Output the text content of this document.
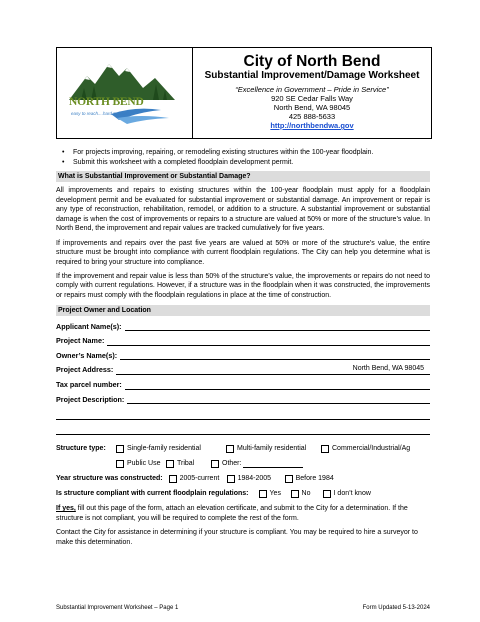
NORTH BEND
easy to reach....hard to leave
City of North Bend
Substantial Improvement/Damage Worksheet
“Excellence in Government – Pride in Service”
920 SE Cedar Falls Way
North Bend, WA 98045
425 888-5633
http://northbendwa.gov
• For projects improving, repairing, or remodeling existing structures within the 100-year floodplain.
• Submit this worksheet with a completed floodplain development permit.
What is Substantial Improvement or Substantial Damage?

All improvements and repairs to existing structures within the 100-year floodplain must apply for a floodplain development permit and be evaluated for substantial improvement or substantial damage. An improvement or repair is any type of reconstruction, rehabilitation, remodel, or addition to a structure. A substantial improvement or substantial damage is when the cost of improvements or repairs to a structure are valued at 50% or more of the structure’s value. In North Bend, the improvement and repair values are tracked cumulatively for five years.

If improvements and repairs over the past five years are valued at 50% or more of the structure’s value, the entire structure must be brought into compliance with current floodplain regulations. The City can help you determine what is required to bring your structure into compliance.

If the improvement and repair value is less than 50% of the structure’s value, the improvements or repairs do not need to comply with current regulations. However, if a structure was in the floodplain when it was constructed, the improvements or repairs must comply with the floodplain regulations in place at the time of construction.

Project Owner and Location
Applicant Name(s):
Project Name:
Owner’s Name(s):
Project Address:	North Bend, WA 98045
Tax parcel number:
Project Description:
Structure type:	Single-family residential	Multi-family residential	Commercial/Industrial/Ag
Public Use Tribal	Other:
Year structure was constructed: 2005-current	1984-2005	Before 1984
Is structure compliant with current floodplain regulations:	Yes	No	I don’t know

If yes, fill out this page of the form, attach an elevation certificate, and submit to the City for a determination. If the structure is not compliant, you will be required to complete the rest of the form.

Contact the City for assistance in determining if your structure is compliant. You may be required to hire a surveyor to make this determination.

Substantial Improvement Worksheet – Page 1	Form Updated 5-13-2024
